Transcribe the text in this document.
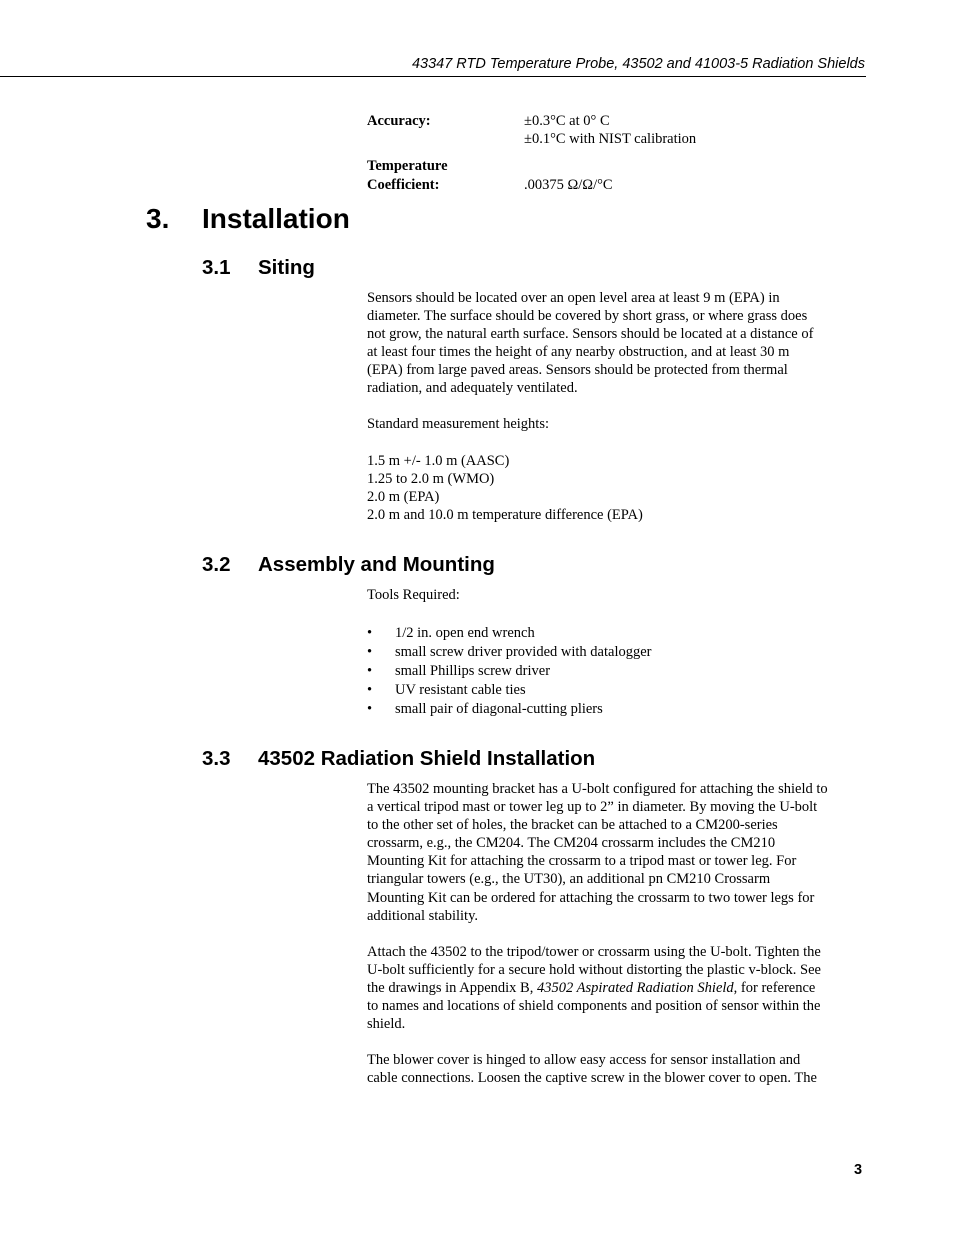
43347 RTD Temperature Probe, 43502 and 41003-5 Radiation Shields
Accuracy:	±0.3°C at 0° C
±0.1°C with NIST calibration
Temperature
Coefficient:	.00375 Ω/Ω/°C
3. Installation
3.1 Siting
Sensors should be located over an open level area at least 9 m (EPA) in
diameter. The surface should be covered by short grass, or where grass does
not grow, the natural earth surface. Sensors should be located at a distance of
at least four times the height of any nearby obstruction, and at least 30 m
(EPA) from large paved areas. Sensors should be protected from thermal
radiation, and adequately ventilated.
Standard measurement heights:
1.5 m +/- 1.0 m (AASC)
1.25 to 2.0 m (WMO)
2.0 m (EPA)
2.0 m and 10.0 m temperature difference (EPA)
3.2 Assembly and Mounting
Tools Required:
• 1/2 in. open end wrench
• small screw driver provided with datalogger
• small Phillips screw driver
• UV resistant cable ties
• small pair of diagonal-cutting pliers
3.3 43502 Radiation Shield Installation
The 43502 mounting bracket has a U-bolt configured for attaching the shield to
a vertical tripod mast or tower leg up to 2” in diameter. By moving the U-bolt
to the other set of holes, the bracket can be attached to a CM200-series
crossarm, e.g., the CM204. The CM204 crossarm includes the CM210
Mounting Kit for attaching the crossarm to a tripod mast or tower leg. For
triangular towers (e.g., the UT30), an additional pn CM210 Crossarm
Mounting Kit can be ordered for attaching the crossarm to two tower legs for
additional stability.
Attach the 43502 to the tripod/tower or crossarm using the U-bolt. Tighten the
U-bolt sufficiently for a secure hold without distorting the plastic v-block. See
the drawings in Appendix B, 43502 Aspirated Radiation Shield, for reference
to names and locations of shield components and position of sensor within the
shield.
The blower cover is hinged to allow easy access for sensor installation and
cable connections. Loosen the captive screw in the blower cover to open. The
3
